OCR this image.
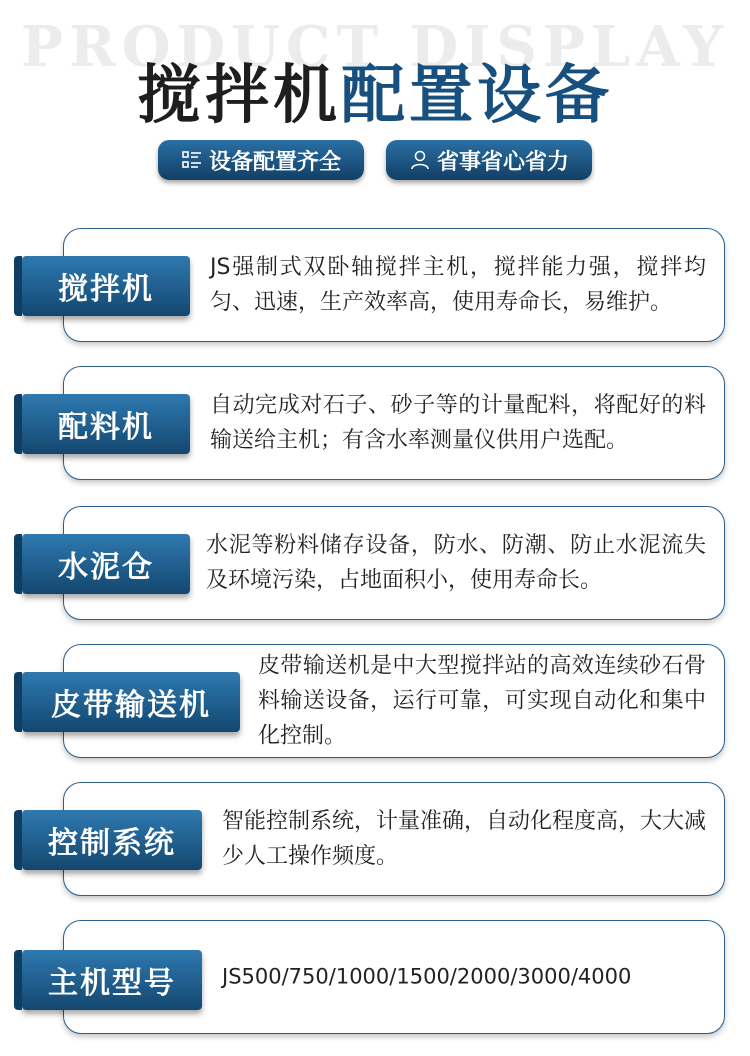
PRODUCT DISPLAY
搅拌机配置设备
设备配置齐全	省事省心省力
JS强制式双卧轴搅拌主机，搅拌能力强，搅拌均匀、迅速，生产效率高，使用寿命长，易维护。
搅拌机
自动完成对石子、砂子等的计量配料，将配好的料输送给主机；有含水率测量仪供用户选配。
配料机
水泥等粉料储存设备，防水、防潮、防止水泥流失及环境污染，占地面积小，使用寿命长。
水泥仓
皮带输送机是中大型搅拌站的高效连续砂石骨料输送设备，运行可靠，可实现自动化和集中化控制。
皮带输送机
智能控制系统，计量准确，自动化程度高，大大减少人工操作频度。
控制系统
JS500/750/1000/1500/2000/3000/4000
主机型号
